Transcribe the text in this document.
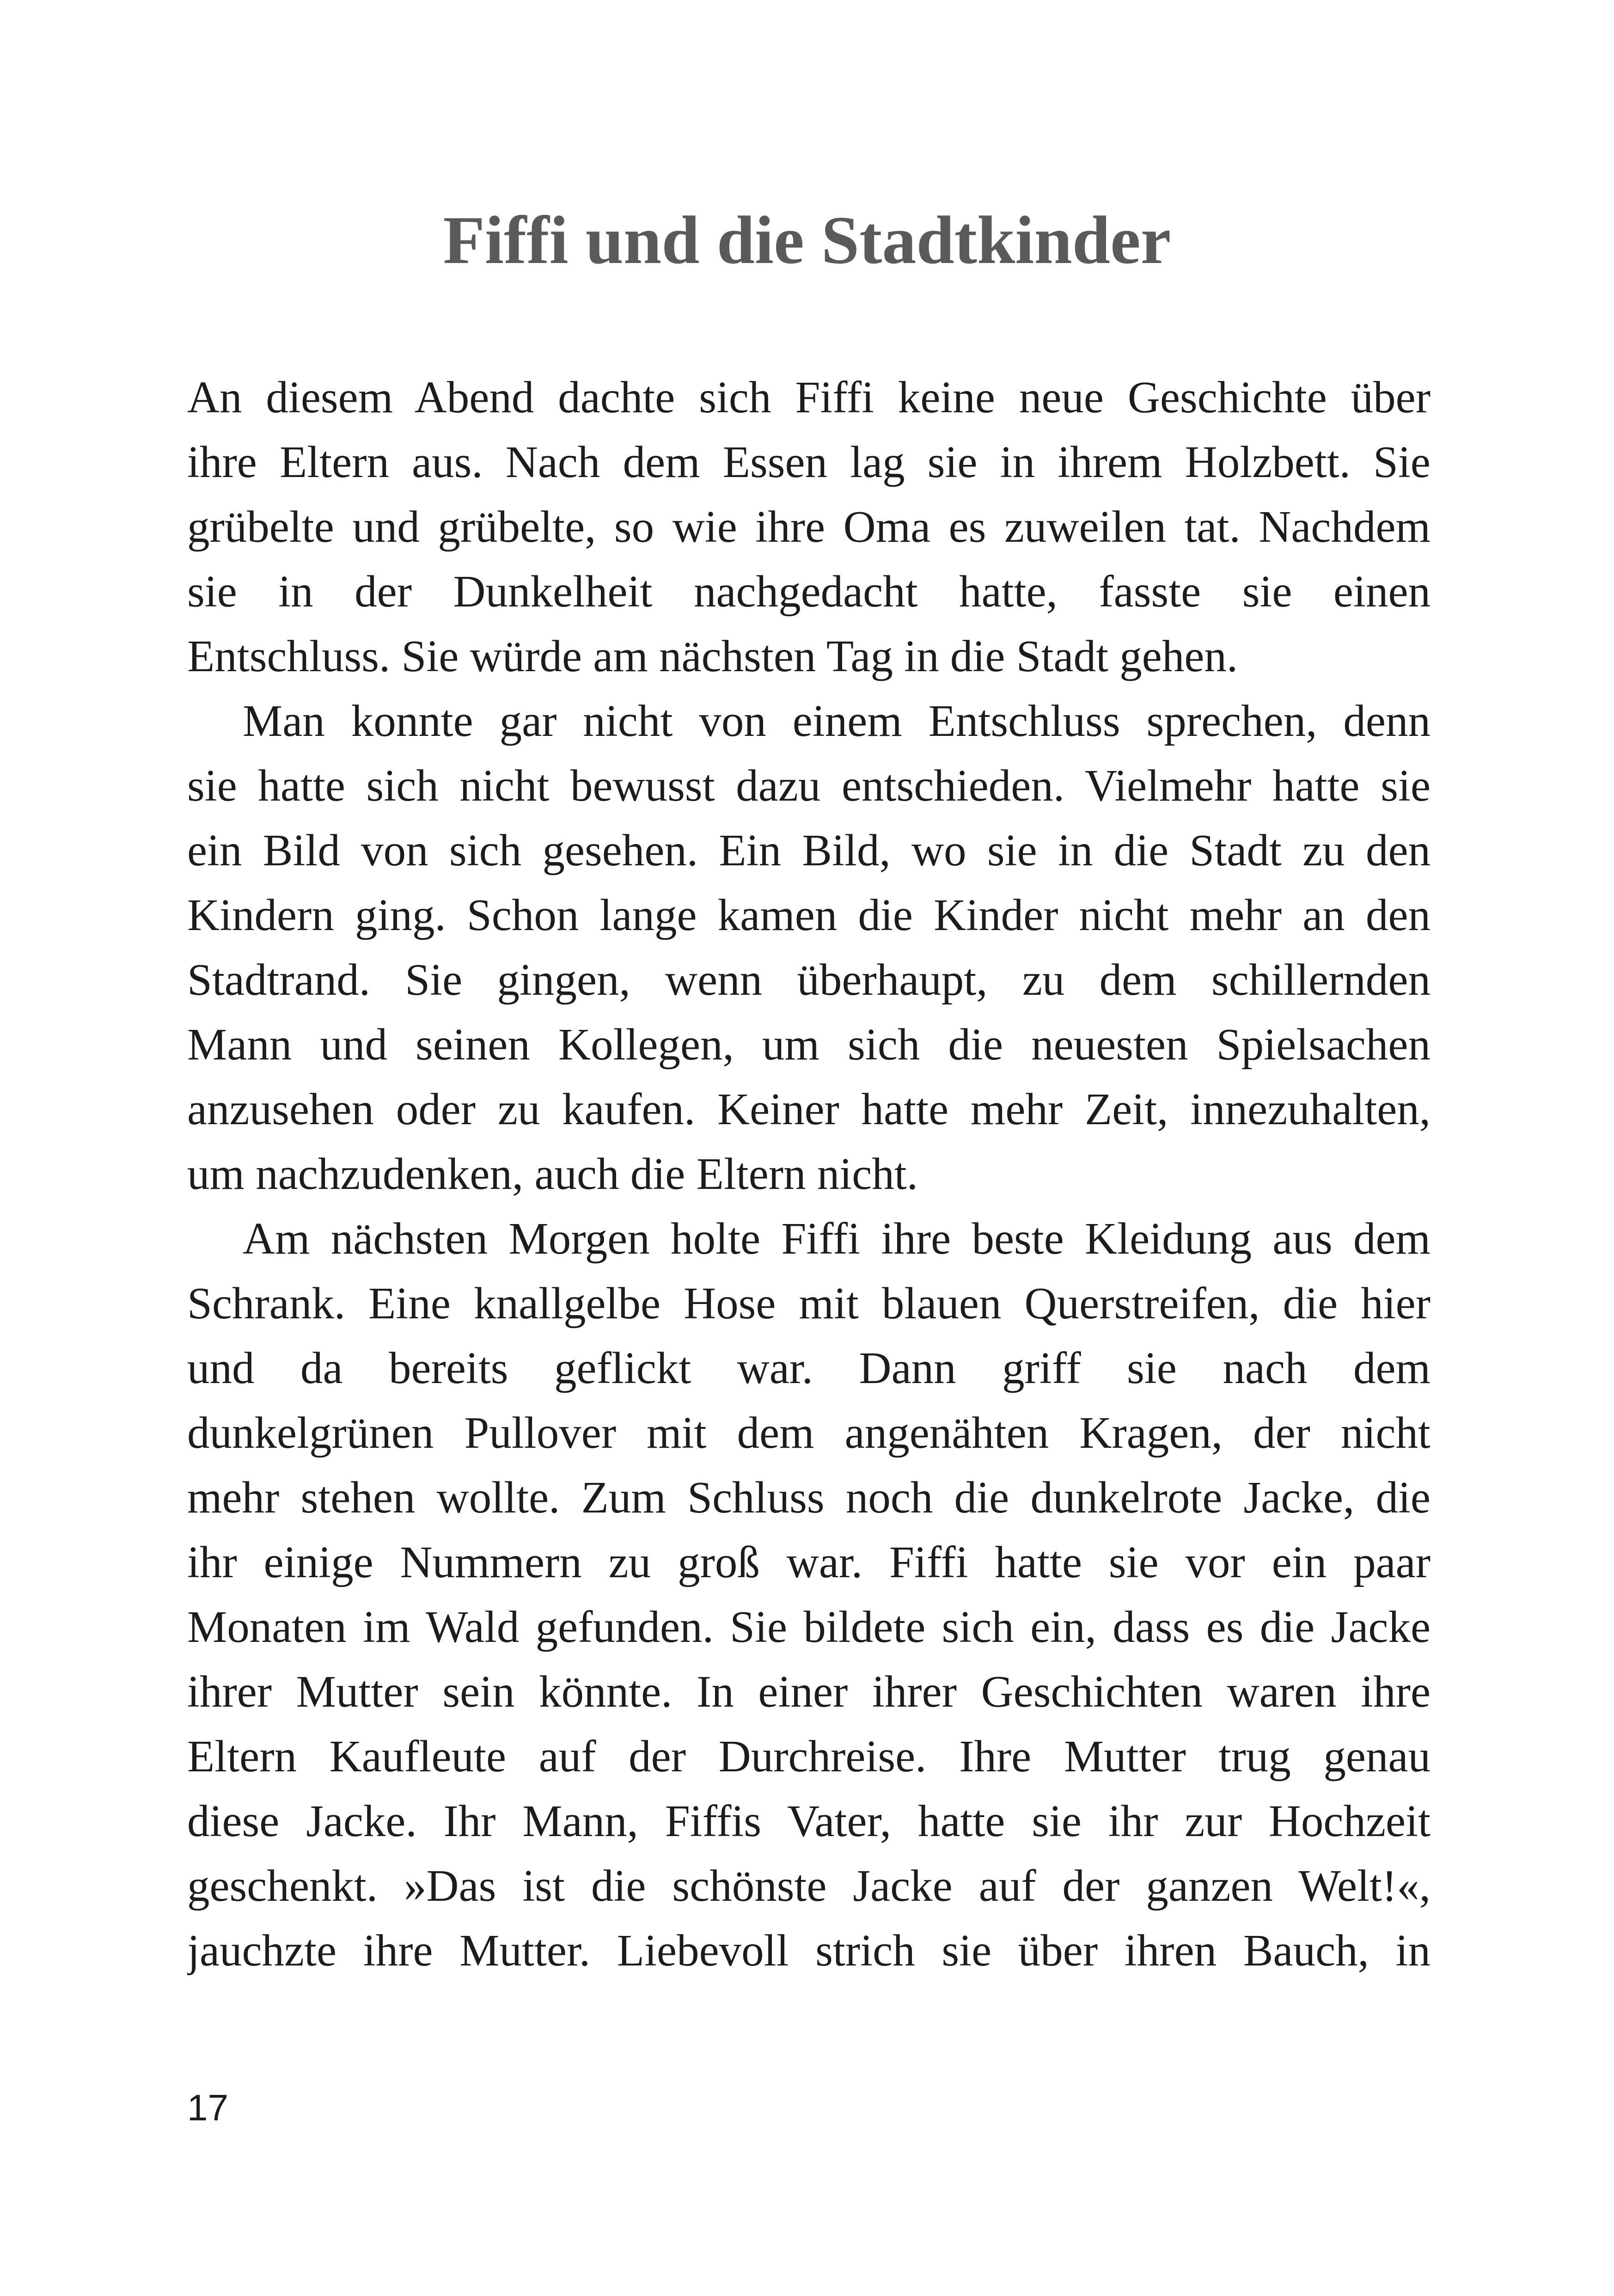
Fiffi und die Stadtkinder
An diesem Abend dachte sich Fiffi keine neue Geschichte über
ihre Eltern aus. Nach dem Essen lag sie in ihrem Holzbett. Sie
grübelte und grübelte, so wie ihre Oma es zuweilen tat. Nachdem
sie in der Dunkelheit nachgedacht hatte, fasste sie einen
Entschluss. Sie würde am nächsten Tag in die Stadt gehen.
Man konnte gar nicht von einem Entschluss sprechen, denn
sie hatte sich nicht bewusst dazu entschieden. Vielmehr hatte sie
ein Bild von sich gesehen. Ein Bild, wo sie in die Stadt zu den
Kindern ging. Schon lange kamen die Kinder nicht mehr an den
Stadtrand. Sie gingen, wenn überhaupt, zu dem schillernden
Mann und seinen Kollegen, um sich die neuesten Spielsachen
anzusehen oder zu kaufen. Keiner hatte mehr Zeit, innezuhalten,
um nachzudenken, auch die Eltern nicht.
Am nächsten Morgen holte Fiffi ihre beste Kleidung aus dem
Schrank. Eine knallgelbe Hose mit blauen Querstreifen, die hier
und da bereits geflickt war. Dann griff sie nach dem
dunkelgrünen Pullover mit dem angenähten Kragen, der nicht
mehr stehen wollte. Zum Schluss noch die dunkelrote Jacke, die
ihr einige Nummern zu groß war. Fiffi hatte sie vor ein paar
Monaten im Wald gefunden. Sie bildete sich ein, dass es die Jacke
ihrer Mutter sein könnte. In einer ihrer Geschichten waren ihre
Eltern Kaufleute auf der Durchreise. Ihre Mutter trug genau
diese Jacke. Ihr Mann, Fiffis Vater, hatte sie ihr zur Hochzeit
geschenkt. »Das ist die schönste Jacke auf der ganzen Welt!«,
jauchzte ihre Mutter. Liebevoll strich sie über ihren Bauch, in
17
